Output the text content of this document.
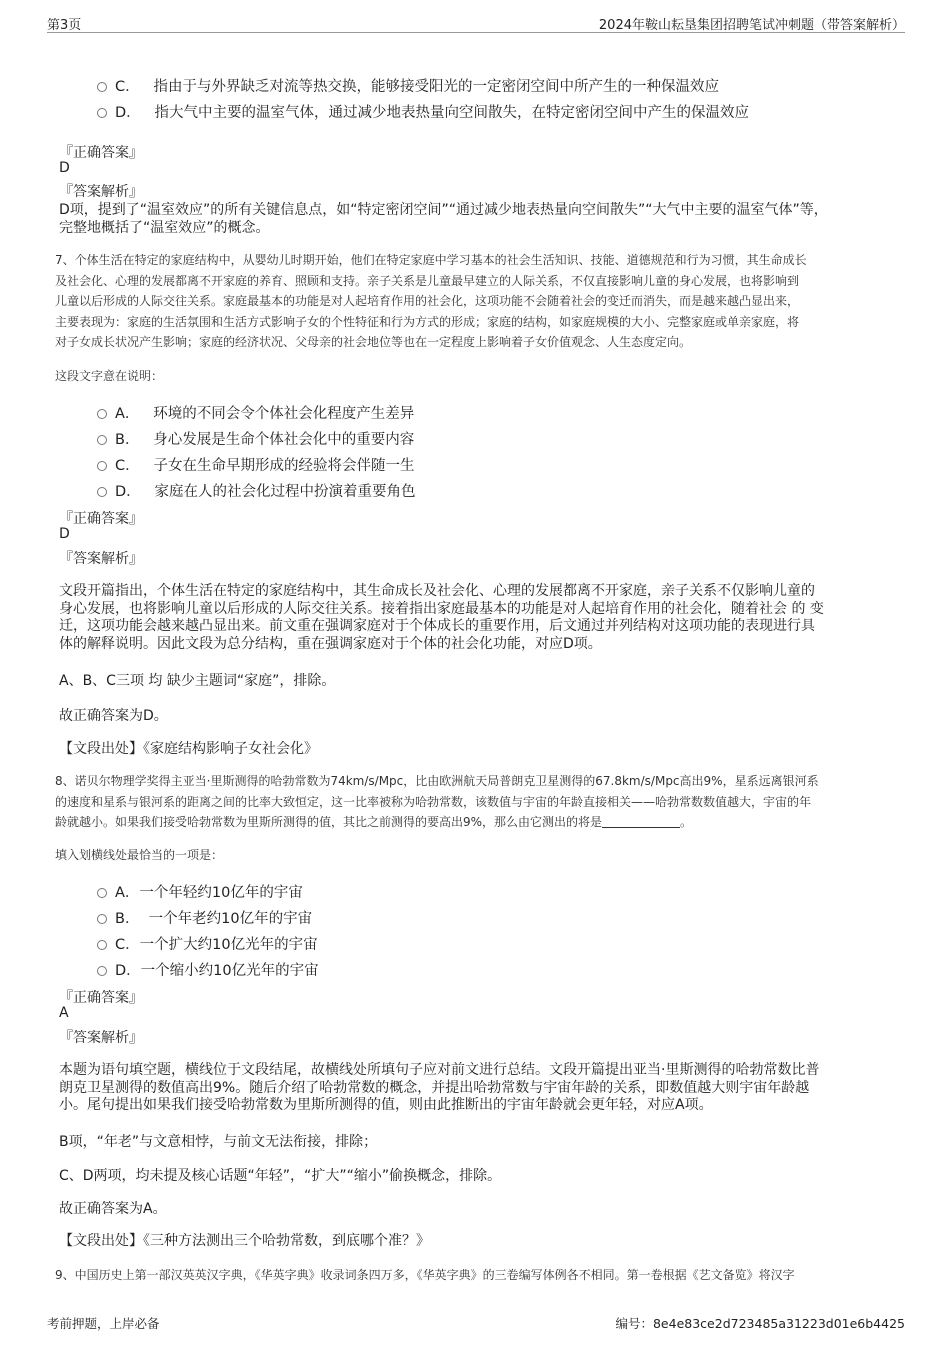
第3页	2024年鞍山耘垦集团招聘笔试冲刺题（带答案解析）
C． 指由于与外界缺乏对流等热交换，能够接受阳光的一定密闭空间中所产生的一种保温效应
D． 指大气中主要的温室气体，通过减少地表热量向空间散失，在特定密闭空间中产生的保温效应
『正确答案』
D
『答案解析』
D项，提到了“温室效应”的所有关键信息点，如“特定密闭空间”“通过减少地表热量向空间散失”“大气中主要的温室气体”等，
完整地概括了“温室效应”的概念。
7、个体生活在特定的家庭结构中，从婴幼儿时期开始，他们在特定家庭中学习基本的社会生活知识、技能、道德规范和行为习惯，其生命成长
及社会化、心理的发展都离不开家庭的养育、照顾和支持。亲子关系是儿童最早建立的人际关系，不仅直接影响儿童的身心发展，也将影响到
儿童以后形成的人际交往关系。家庭最基本的功能是对人起培育作用的社会化，这项功能不会随着社会的变迁而消失，而是越来越凸显出来，
主要表现为：家庭的生活氛围和生活方式影响子女的个性特征和行为方式的形成；家庭的结构，如家庭规模的大小、完整家庭或单亲家庭，将
对子女成长状况产生影响；家庭的经济状况、父母亲的社会地位等也在一定程度上影响着子女价值观念、人生态度定向。
这段文字意在说明：
A． 环境的不同会令个体社会化程度产生差异
B． 身心发展是生命个体社会化中的重要内容
C． 子女在生命早期形成的经验将会伴随一生
D． 家庭在人的社会化过程中扮演着重要角色
『正确答案』
D
『答案解析』
文段开篇指出，个体生活在特定的家庭结构中，其生命成长及社会化、心理的发展都离不开家庭，亲子关系不仅影响儿童的
身心发展，也将影响儿童以后形成的人际交往关系。接着指出家庭最基本的功能是对人起培育作用的社会化，随着社会 的 变
迁，这项功能会越来越凸显出来。前文重在强调家庭对于个体成长的重要作用，后文通过并列结构对这项功能的表现进行具
体的解释说明。因此文段为总分结构，重在强调家庭对于个体的社会化功能，对应D项。
A、B、C三项 均 缺少主题词“家庭”，排除。
故正确答案为D。
【文段出处】《家庭结构影响子女社会化》
8、诺贝尔物理学奖得主亚当·里斯测得的哈勃常数为74km/s/Mpc，比由欧洲航天局普朗克卫星测得的67.8km/s/Mpc高出9%，星系远离银河系
的速度和星系与银河系的距离之间的比率大致恒定，这一比率被称为哈勃常数，该数值与宇宙的年龄直接相关——哈勃常数数值越大，宇宙的年
龄就越小。如果我们接受哈勃常数为里斯所测得的值，其比之前测得的要高出9%，那么由它测出的将是	。
填入划横线处最恰当的一项是：
A．一个年轻约10亿年的宇宙
B． 一个年老约10亿年的宇宙
C．一个扩大约10亿光年的宇宙
D．一个缩小约10亿光年的宇宙
『正确答案』
A
『答案解析』
本题为语句填空题，横线位于文段结尾，故横线处所填句子应对前文进行总结。文段开篇提出亚当·里斯测得的哈勃常数比普
朗克卫星测得的数值高出9%。随后介绍了哈勃常数的概念，并提出哈勃常数与宇宙年龄的关系，即数值越大则宇宙年龄越
小。尾句提出如果我们接受哈勃常数为里斯所测得的值，则由此推断出的宇宙年龄就会更年轻，对应A项。
B项，“年老”与文意相悖，与前文无法衔接，排除；
C、D两项，均未提及核心话题“年轻”，“扩大”“缩小”偷换概念，排除。
故正确答案为A。
【文段出处】《三种方法测出三个哈勃常数，到底哪个准？》
9、中国历史上第一部汉英英汉字典，《华英字典》收录词条四万多，《华英字典》的三卷编写体例各不相同。第一卷根据《艺文备览》将汉字
考前押题，上岸必备	编号：8e4e83ce2d723485a31223d01e6b4425
